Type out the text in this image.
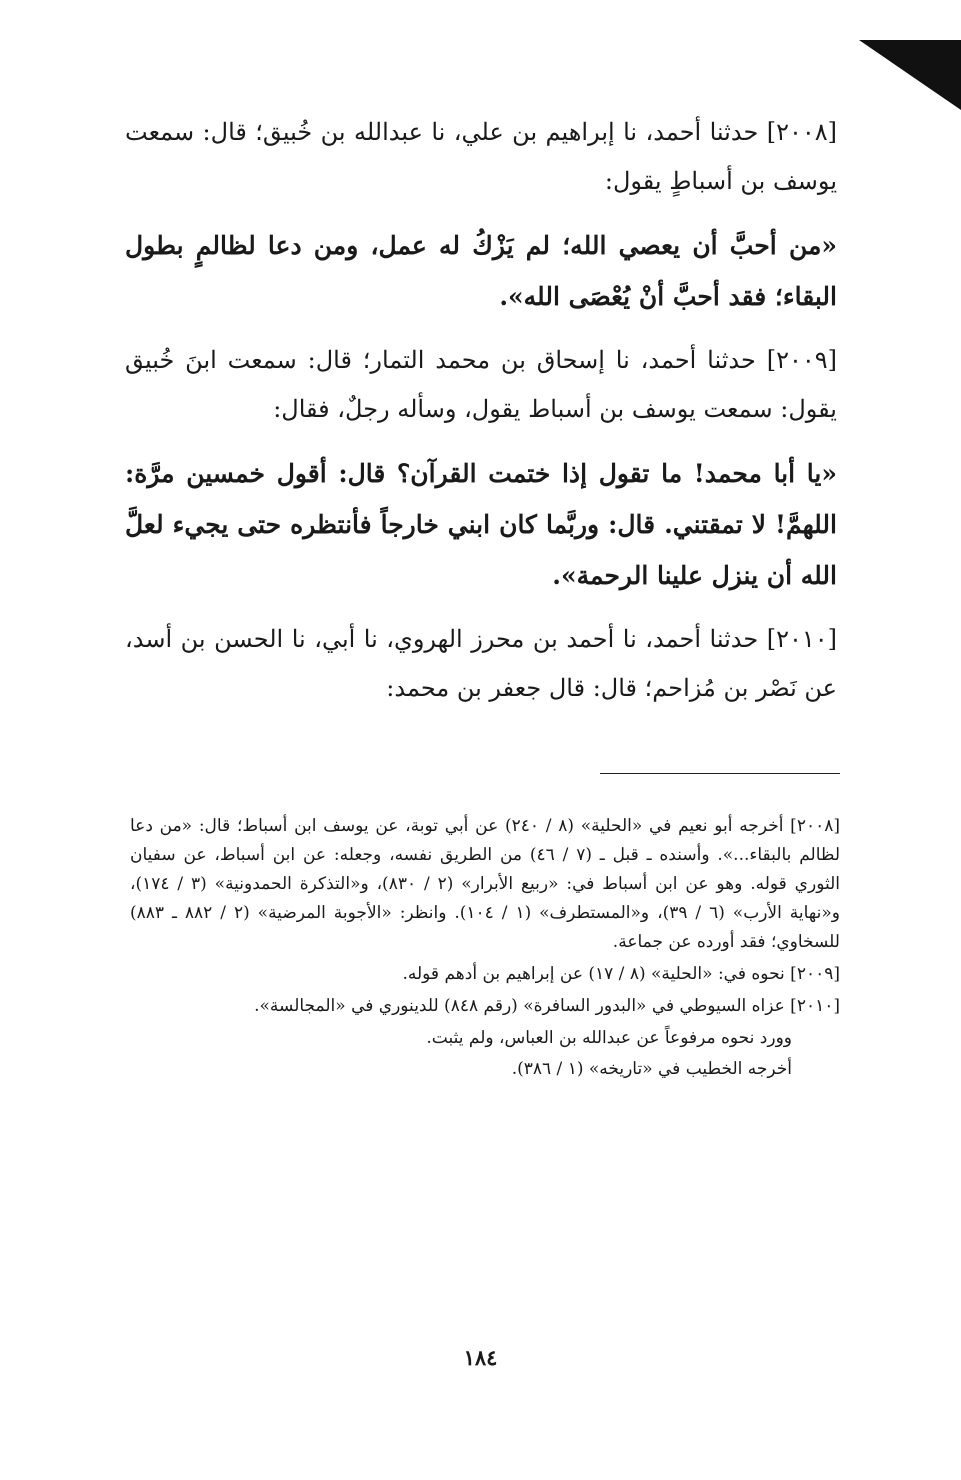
[٢٠٠٨] حدثنا أحمد، نا إبراهيم بن علي، نا عبدالله بن خُبيق؛ قال: سمعت يوسف بن أسباطٍ يقول:

«من أحبَّ أن يعصي الله؛ لم يَزْكُ له عمل، ومن دعا لظالمٍ بطول البقاء؛ فقد أحبَّ أنْ يُعْصَى الله».

[٢٠٠٩] حدثنا أحمد، نا إسحاق بن محمد التمار؛ قال: سمعت ابنَ خُبيق يقول: سمعت يوسف بن أسباط يقول، وسأله رجلٌ، فقال:

«يا أبا محمد! ما تقول إذا ختمت القرآن؟ قال: أقول خمسين مرَّة: اللهمَّ! لا تمقتني. قال: وربَّما كان ابني خارجاً فأنتظره حتى يجيء لعلَّ الله أن ينزل علينا الرحمة».

[٢٠١٠] حدثنا أحمد، نا أحمد بن محرز الهروي، نا أبي، نا الحسن بن أسد، عن نَصْر بن مُزاحم؛ قال: قال جعفر بن محمد:

[٢٠٠٨] أخرجه أبو نعيم في «الحلية» (٨ / ٢٤٠) عن أبي توبة، عن يوسف ابن أسباط؛ قال: «من دعا لظالم بالبقاء...». وأسنده ـ قبل ـ (٧ / ٤٦) من الطريق نفسه، وجعله: عن ابن أسباط، عن سفيان الثوري قوله. وهو عن ابن أسباط في: «ربيع الأبرار» (٢ / ٨٣٠)، و«التذكرة الحمدونية» (٣ / ١٧٤)، و«نهاية الأرب» (٦ / ٣٩)، و«المستطرف» (١ / ١٠٤). وانظر: «الأجوبة المرضية» (٢ / ٨٨٢ ـ ٨٨٣) للسخاوي؛ فقد أورده عن جماعة.

[٢٠٠٩] نحوه في: «الحلية» (٨ / ١٧) عن إبراهيم بن أدهم قوله.

[٢٠١٠] عزاه السيوطي في «البدور السافرة» (رقم ٨٤٨) للدينوري في «المجالسة».

وورد نحوه مرفوعاً عن عبدالله بن العباس، ولم يثبت.

أخرجه الخطيب في «تاريخه» (١ / ٣٨٦).

١٨٤
